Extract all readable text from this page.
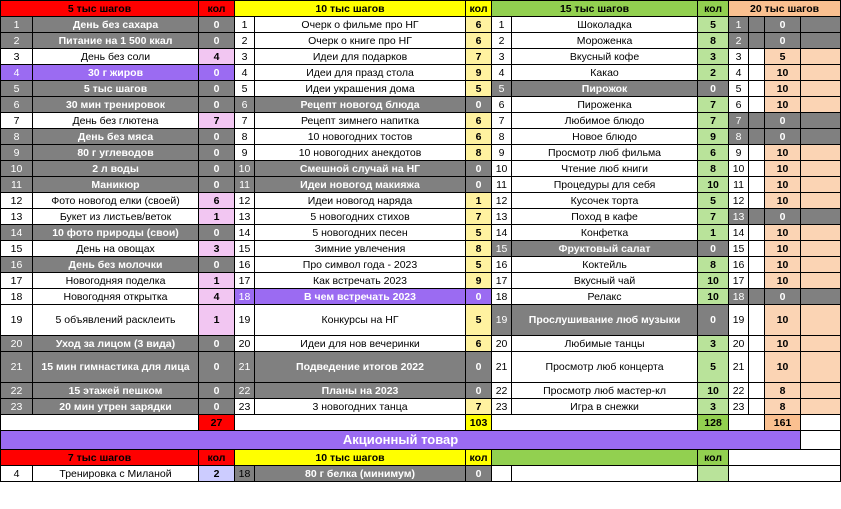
5 тыс шагов		кол	10 тыс шагов		кол	15 тыс шагов		кол	20 тыс шагов			
1	День без сахара	0	1	Очерк о фильме про НГ	6	1	Шоколадка	5	1		0	
2	Питание на 1 500 ккал	0	2	Очерк о книге про НГ	6	2	Мороженка	8	2		0	
3	День без соли	4	3	Идеи для подарков	7	3	Вкусный кофе	3	3		5	
4	30 г жиров	0	4	Идеи для празд стола	9	4	Какао	2	4		10	
5	5 тыс шагов	0	5	Идеи украшения дома	5	5	Пирожок	0	5		10	
6	30 мин тренировок	0	6	Рецепт новогод блюда	0	6	Пироженка	7	6		10	
7	День без глютена	7	7	Рецепт зимнего напитка	6	7	Любимое блюдо	7	7		0	
8	День без мяса	0	8	10 новогодних тостов	6	8	Новое блюдо	9	8		0	
9	80 г углеводов	0	9	10 новогодних анекдотов	8	9	Просмотр люб фильма	6	9		10	
10	2 л воды	0	10	Смешной случай на НГ	0	10	Чтение люб книги	8	10		10	
11	Маникюр	0	11	Идеи новогод макияжа	0	11	Процедуры для себя	10	11		10	
12	Фото новогод елки (своей)	6	12	Идеи новогод наряда	1	12	Кусочек торта	5	12		10	
13	Букет из листьев/веток	1	13	5 новогодних стихов	7	13	Поход в кафе	7	13		0	
14	10 фото природы (свои)	0	14	5 новогодних песен	5	14	Конфетка	1	14		10	
15	День на овощах	3	15	Зимние увлечения	8	15	Фруктовый салат	0	15		10	
16	День без молочки	0	16	Про символ года - 2023	5	16	Коктейль	8	16		10	
17	Новогодняя поделка	1	17	Как встречать 2023	9	17	Вкусный чай	10	17		10	
18	Новогодняя открытка	4	18	В чем встречать 2023	0	18	Релакс	10	18		0	
19	5 объявлений расклеить	1	19	Конкурсы на НГ	5	19	Прослушивание люб музыки	0	19		10	
20	Уход за лицом (3 вида)	0	20	Идеи для нов вечеринки	6	20	Любимые танцы	3	20		10	
21	15 мин гимнастика для лица	0	21	Подведение итогов 2022	0	21	Просмотр люб концерта	5	21		10	
22	15 этажей пешком	0	22	Планы на 2023	0	22	Просмотр люб мастер-кл	10	22		8	
23	20 мин утрен зарядки	0	23	3 новогодних танца	7	23	Игра в снежки	3	23		8	
		27			103			128			161	
Акционный товар												
7 тыс шагов		кол	10 тыс шагов		кол			кол				
4	Тренировка с Миланой	2	18	80 г белка (минимум)	0							
